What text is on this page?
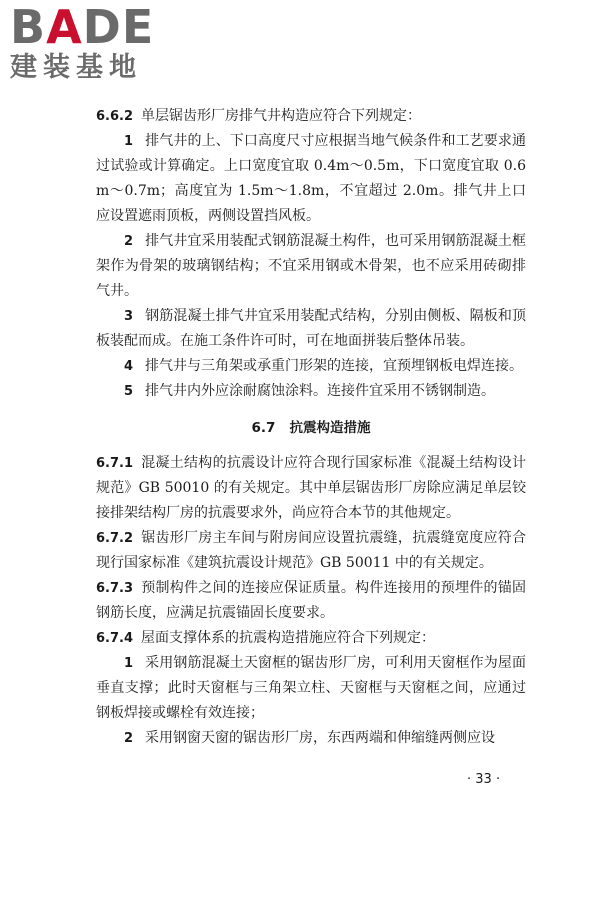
BADE
建装基地

6.6.2 单层锯齿形厂房排气井构造应符合下列规定：

1 排气井的上、下口高度尺寸应根据当地气候条件和工艺要求通过试验或计算确定。上口宽度宜取 0.4m～0.5m，下口宽度宜取 0.6m～0.7m；高度宜为 1.5m～1.8m，不宜超过 2.0m。排气井上口应设置遮雨顶板，两侧设置挡风板。

2 排气井宜采用装配式钢筋混凝土构件，也可采用钢筋混凝土框架作为骨架的玻璃钢结构；不宜采用钢或木骨架，也不应采用砖砌排气井。

3 钢筋混凝土排气井宜采用装配式结构，分别由侧板、隔板和顶板装配而成。在施工条件许可时，可在地面拼装后整体吊装。

4 排气井与三角架或承重门形架的连接，宜预埋钢板电焊连接。

5 排气井内外应涂耐腐蚀涂料。连接件宜采用不锈钢制造。

6.7 抗震构造措施

6.7.1 混凝土结构的抗震设计应符合现行国家标准《混凝土结构设计规范》GB 50010 的有关规定。其中单层锯齿形厂房除应满足单层铰接排架结构厂房的抗震要求外，尚应符合本节的其他规定。

6.7.2 锯齿形厂房主车间与附房间应设置抗震缝，抗震缝宽度应符合现行国家标准《建筑抗震设计规范》GB 50011 中的有关规定。

6.7.3 预制构件之间的连接应保证质量。构件连接用的预埋件的锚固钢筋长度，应满足抗震锚固长度要求。

6.7.4 屋面支撑体系的抗震构造措施应符合下列规定：

1 采用钢筋混凝土天窗框的锯齿形厂房，可利用天窗框作为屋面垂直支撑；此时天窗框与三角架立柱、天窗框与天窗框之间，应通过钢板焊接或螺栓有效连接；

2 采用钢窗天窗的锯齿形厂房，东西两端和伸缩缝两侧应设

· 33 ·
